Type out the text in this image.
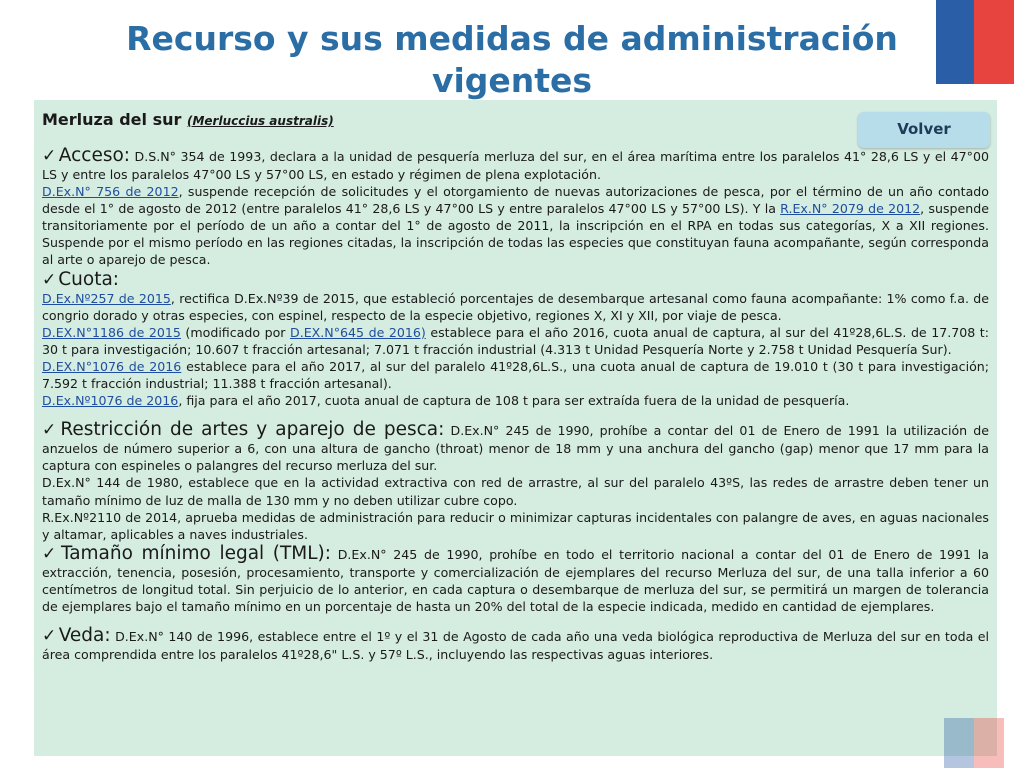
Recurso y sus medidas de administración vigentes
Merluza del sur (Merluccius australis)

✓ Acceso: D.S.N° 354 de 1993, declara a la unidad de pesquería merluza del sur, en el área marítima entre los paralelos 41° 28,6 LS y el 47°00 LS y entre los paralelos 47°00 LS y 57°00 LS, en estado y régimen de plena explotación.
D.Ex.N° 756 de 2012, suspende recepción de solicitudes y el otorgamiento de nuevas autorizaciones de pesca, por el término de un año contado desde el 1° de agosto de 2012 (entre paralelos 41° 28,6 LS y 47°00 LS y entre paralelos 47°00 LS y 57°00 LS). Y la R.Ex.N° 2079 de 2012, suspende transitoriamente por el período de un año a contar del 1° de agosto de 2011, la inscripción en el RPA en todas sus categorías, X a XII regiones. Suspende por el mismo período en las regiones citadas, la inscripción de todas las especies que constituyan fauna acompañante, según corresponda al arte o aparejo de pesca.

✓ Cuota:
D.Ex.Nº257 de 2015, rectifica D.Ex.Nº39 de 2015, que estableció porcentajes de desembarque artesanal como fauna acompañante: 1% como f.a. de congrio dorado y otras especies, con espinel, respecto de la especie objetivo, regiones X, XI y XII, por viaje de pesca.
D.EX.N°1186 de 2015 (modificado por D.EX.N°645 de 2016) establece para el año 2016, cuota anual de captura, al sur del 41º28,6L.S. de 17.708 t: 30 t para investigación; 10.607 t fracción artesanal; 7.071 t fracción industrial (4.313 t Unidad Pesquería Norte y 2.758 t Unidad Pesquería Sur).
D.EX.N°1076 de 2016 establece para el año 2017, al sur del paralelo 41º28,6L.S., una cuota anual de captura de 19.010 t (30 t para investigación; 7.592 t fracción industrial; 11.388 t fracción artesanal).
D.Ex.Nº1076 de 2016, fija para el año 2017, cuota anual de captura de 108 t para ser extraída fuera de la unidad de pesquería.

✓ Restricción de artes y aparejo de pesca: D.Ex.N° 245 de 1990, prohíbe a contar del 01 de Enero de 1991 la utilización de anzuelos de número superior a 6, con una altura de gancho (throat) menor de 18 mm y una anchura del gancho (gap) menor que 17 mm para la captura con espineles o palangres del recurso merluza del sur.
D.Ex.N° 144 de 1980, establece que en la actividad extractiva con red de arrastre, al sur del paralelo 43ºS, las redes de arrastre deben tener un tamaño mínimo de luz de malla de 130 mm y no deben utilizar cubre copo.
R.Ex.Nº2110 de 2014, aprueba medidas de administración para reducir o minimizar capturas incidentales con palangre de aves, en aguas nacionales y altamar, aplicables a naves industriales.

✓ Tamaño mínimo legal (TML): D.Ex.N° 245 de 1990, prohíbe en todo el territorio nacional a contar del 01 de Enero de 1991 la extracción, tenencia, posesión, procesamiento, transporte y comercialización de ejemplares del recurso Merluza del sur, de una talla inferior a 60 centímetros de longitud total. Sin perjuicio de lo anterior, en cada captura o desembarque de merluza del sur, se permitirá un margen de tolerancia de ejemplares bajo el tamaño mínimo en un porcentaje de hasta un 20% del total de la especie indicada, medido en cantidad de ejemplares.

✓ Veda: D.Ex.N° 140 de 1996, establece entre el 1º y el 31 de Agosto de cada año una veda biológica reproductiva de Merluza del sur en toda el área comprendida entre los paralelos 41º28,6" L.S. y 57º L.S., incluyendo las respectivas aguas interiores.

Volver
